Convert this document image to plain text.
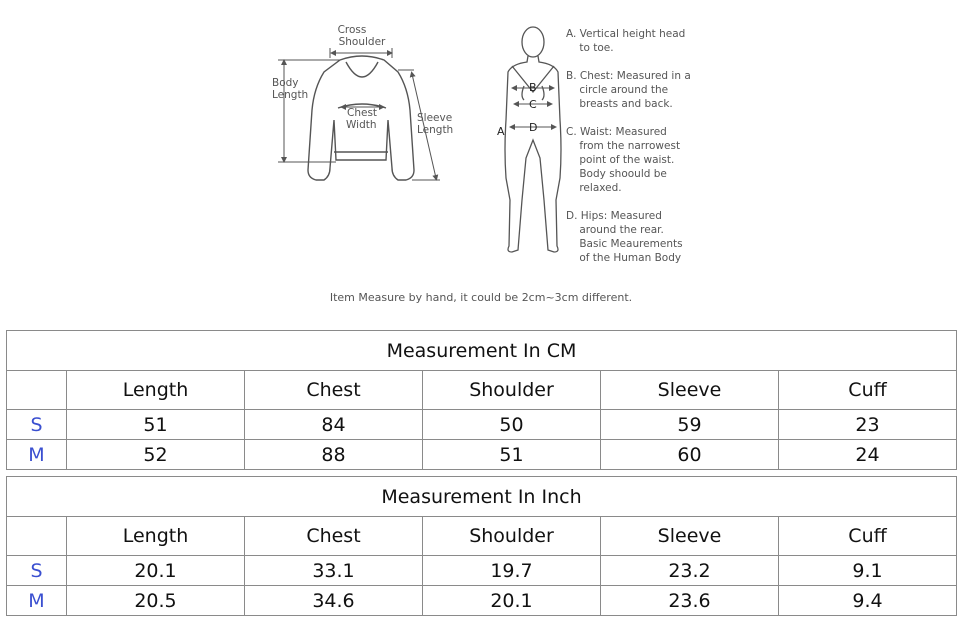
Cross Shoulder
Body Length
Chest Width
Sleeve Length
B
C
D
A
A. Vertical height head
to toe.
B. Chest: Measured in a
circle around the
breasts and back.
C. Waist: Measured
from the narrowest
point of the waist.
Body shoould be
relaxed.
D. Hips: Measured
around the rear.
Basic Meaurements
of the Human Body
Item Measure by hand, it could be 2cm~3cm different.
Measurement In CM					
	Length	Chest	Shoulder	Sleeve	Cuff
S	51	84	50	59	23
M	52	88	51	60	24
Measurement In Inch					
	Length	Chest	Shoulder	Sleeve	Cuff
S	20.1	33.1	19.7	23.2	9.1
M	20.5	34.6	20.1	23.6	9.4
